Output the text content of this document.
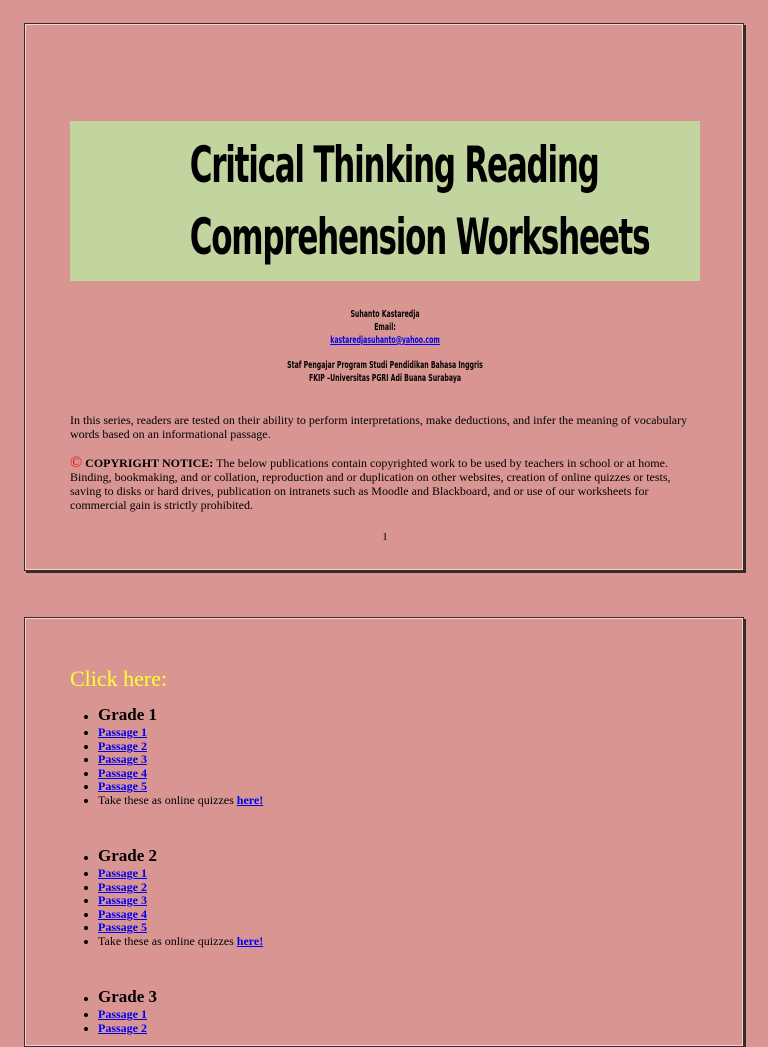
Critical Thinking Reading
Comprehension Worksheets
Suhanto Kastaredja
Email:
kastaredjasuhanto@yahoo.com
Staf Pengajar Program Studi Pendidikan Bahasa Inggris
FKIP –Universitas PGRI Adi Buana Surabaya
In this series, readers are tested on their ability to perform interpretations, make deductions, and infer the meaning of vocabulary words based on an informational passage.
© COPYRIGHT NOTICE: The below publications contain copyrighted work to be used by teachers in school or at home. Binding, bookmaking, and or collation, reproduction and or duplication on other websites, creation of online quizzes or tests, saving to disks or hard drives, publication on intranets such as Moodle and Blackboard, and or use of our worksheets for commercial gain is strictly prohibited.
1
Click here:
• Grade 1
• Passage 1
• Passage 2
• Passage 3
• Passage 4
• Passage 5
• Take these as online quizzes here!
• Grade 2
• Passage 1
• Passage 2
• Passage 3
• Passage 4
• Passage 5
• Take these as online quizzes here!
• Grade 3
• Passage 1
• Passage 2
